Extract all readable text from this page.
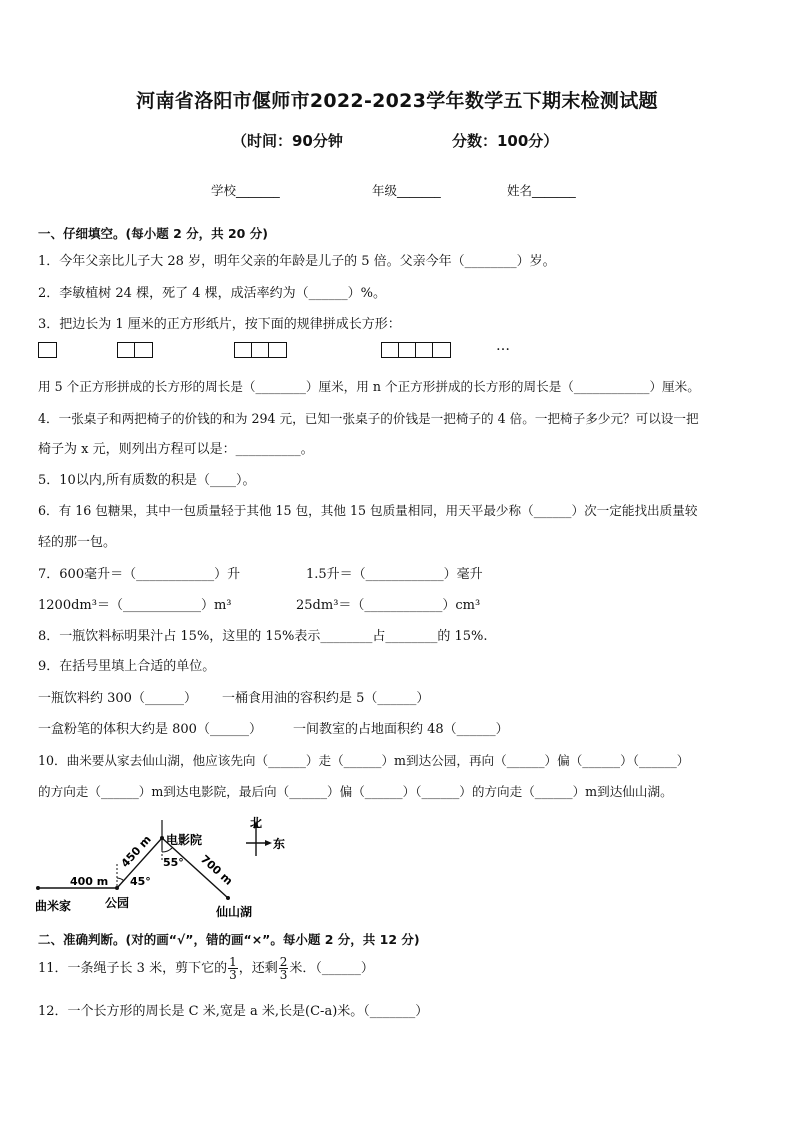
河南省洛阳市偃师市2022-2023学年数学五下期末检测试题
（时间：90分钟	分数：100分）
学校_______	年级_______	姓名_______
一、仔细填空。(每小题 2 分，共 20 分)
1．今年父亲比儿子大 28 岁，明年父亲的年龄是儿子的 5 倍。父亲今年（________）岁。
2．李敏植树 24 棵，死了 4 棵，成活率约为（______）%。
3．把边长为 1 厘米的正方形纸片，按下面的规律拼成长方形：
…
用 5 个正方形拼成的长方形的周长是（________）厘米，用 n 个正方形拼成的长方形的周长是（____________）厘米。
4．一张桌子和两把椅子的价钱的和为 294 元，已知一张桌子的价钱是一把椅子的 4 倍。一把椅子多少元？可以设一把
椅子为 x 元，则列出方程可以是：__________。
5．10以内,所有质数的积是（____）。
6．有 16 包糖果，其中一包质量轻于其他 15 包，其他 15 包质量相同，用天平最少称（______）次一定能找出质量较
轻的那一包。
7．600毫升＝（____________）升	1.5升＝（____________）毫升
1200dm³＝（____________）m³	25dm³＝（____________）cm³
8．一瓶饮料标明果汁占 15%，这里的 15%表示________占________的 15%.
9．在括号里填上合适的单位。
一瓶饮料约 300（______） 一桶食用油的容积约是 5（______）
一盒粉笔的体积大约是 800（______） 一间教室的占地面积约 48（______）
10．曲米要从家去仙山湖，他应该先向（______）走（______）m到达公园，再向（______）偏（______）（______）
的方向走（______）m到达电影院，最后向（______）偏（______）（______）的方向走（______）m到达仙山湖。
北
东
400 m
450 m
700 m
45°
55°
电影院
曲米家	公园
仙山湖
二、准确判断。(对的画“√”，错的画“×”。每小题 2 分，共 12 分)
11．一条绳子长 3 米，剪下它的 $\frac{1}{3}$ ，还剩 $\frac{2}{3}$ 米．（______）
12．一个长方形的周长是 C 米,宽是 a 米,长是(C-a)米。（_______）
